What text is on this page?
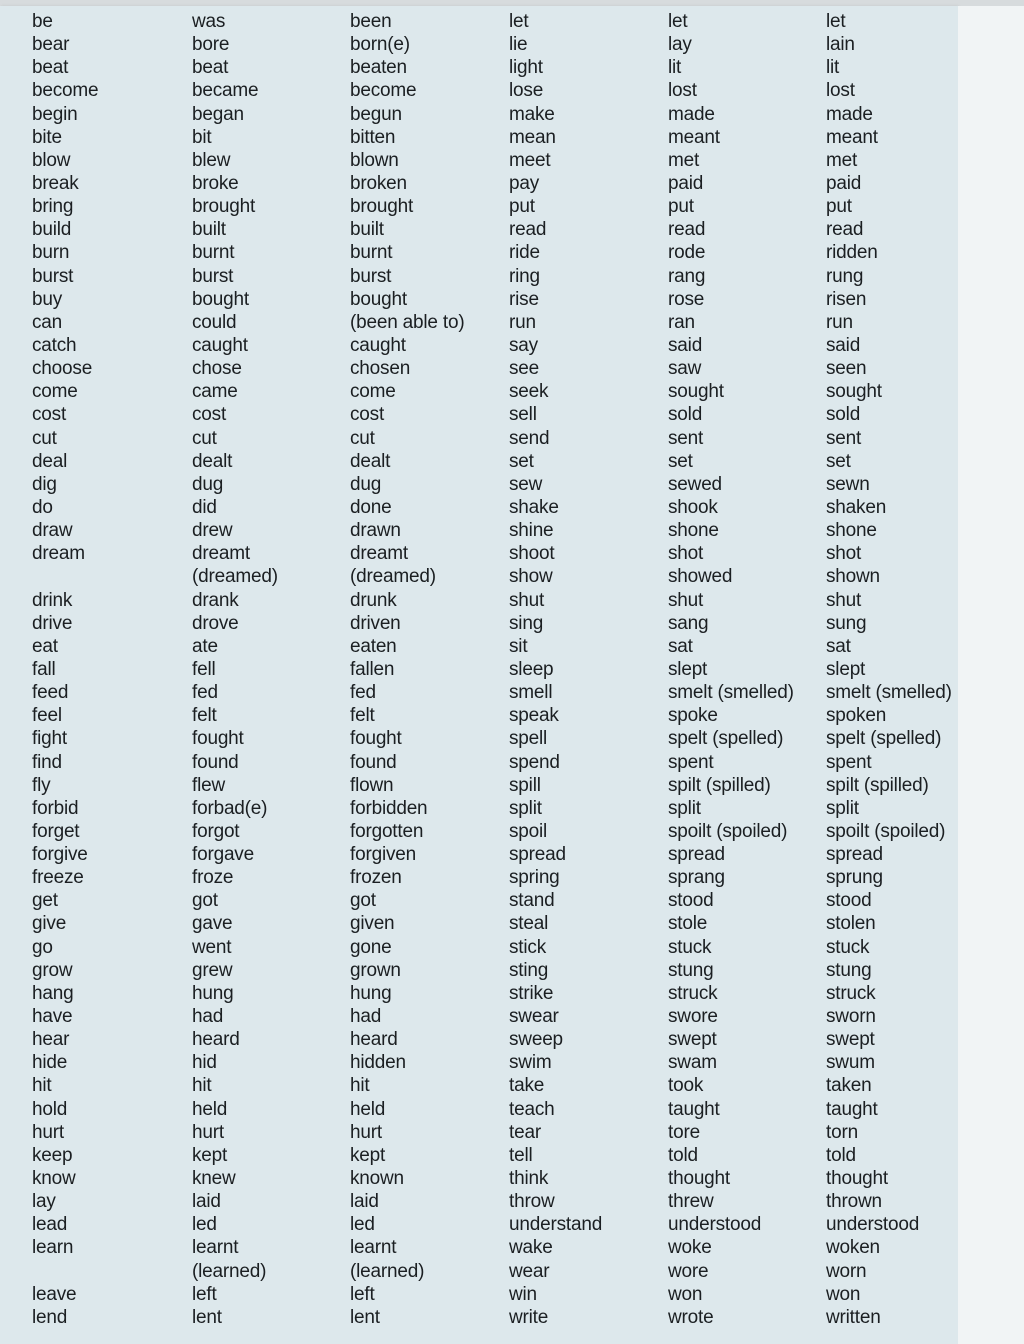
be
bear
beat
become
begin
bite
blow
break
bring
build
burn
burst
buy
can
catch
choose
come
cost
cut
deal
dig
do
draw
dream
drink
drive
eat
fall
feed
feel
fight
find
fly
forbid
forget
forgive
freeze
get
give
go
grow
hang
have
hear
hide
hit
hold
hurt
keep
know
lay
lead
learn
leave
lend
was
bore
beat
became
began
bit
blew
broke
brought
built
burnt
burst
bought
could
caught
chose
came
cost
cut
dealt
dug
did
drew
dreamt
(dreamed)
drank
drove
ate
fell
fed
felt
fought
found
flew
forbad(e)
forgot
forgave
froze
got
gave
went
grew
hung
had
heard
hid
hit
held
hurt
kept
knew
laid
led
learnt
(learned)
left
lent
been
born(e)
beaten
become
begun
bitten
blown
broken
brought
built
burnt
burst
bought
(been able to)
caught
chosen
come
cost
cut
dealt
dug
done
drawn
dreamt
(dreamed)
drunk
driven
eaten
fallen
fed
felt
fought
found
flown
forbidden
forgotten
forgiven
frozen
got
given
gone
grown
hung
had
heard
hidden
hit
held
hurt
kept
known
laid
led
learnt
(learned)
left
lent
let
lie
light
lose
make
mean
meet
pay
put
read
ride
ring
rise
run
say
see
seek
sell
send
set
sew
shake
shine
shoot
show
shut
sing
sit
sleep
smell
speak
spell
spend
spill
split
spoil
spread
spring
stand
steal
stick
sting
strike
swear
sweep
swim
take
teach
tear
tell
think
throw
understand
wake
wear
win
write
let
lay
lit
lost
made
meant
met
paid
put
read
rode
rang
rose
ran
said
saw
sought
sold
sent
set
sewed
shook
shone
shot
showed
shut
sang
sat
slept
smelt (smelled)
spoke
spelt (spelled)
spent
spilt (spilled)
split
spoilt (spoiled)
spread
sprang
stood
stole
stuck
stung
struck
swore
swept
swam
took
taught
tore
told
thought
threw
understood
woke
wore
won
wrote
let
lain
lit
lost
made
meant
met
paid
put
read
ridden
rung
risen
run
said
seen
sought
sold
sent
set
sewn
shaken
shone
shot
shown
shut
sung
sat
slept
smelt (smelled)
spoken
spelt (spelled)
spent
spilt (spilled)
split
spoilt (spoiled)
spread
sprung
stood
stolen
stuck
stung
struck
sworn
swept
swum
taken
taught
torn
told
thought
thrown
understood
woken
worn
won
written
